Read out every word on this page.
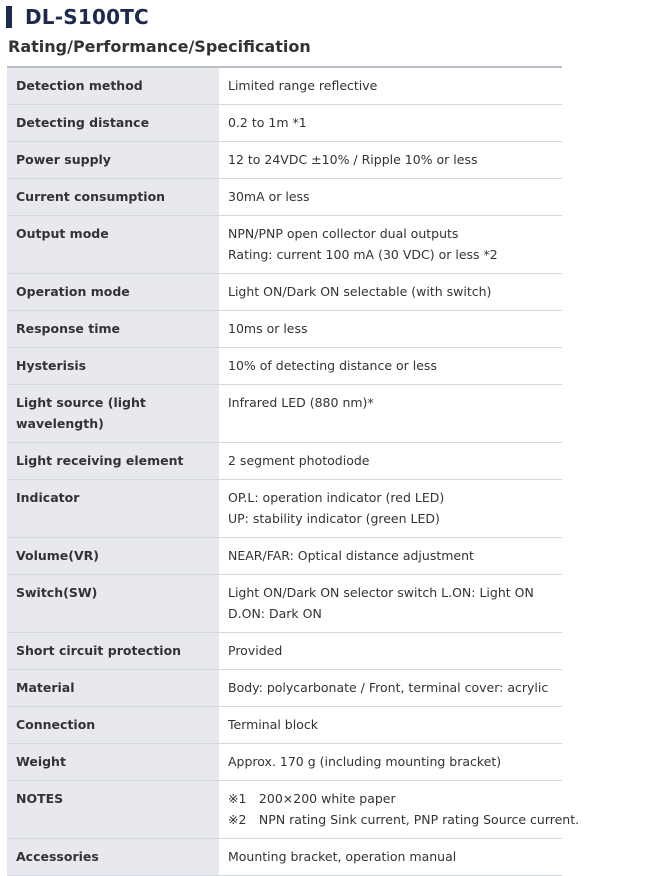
DL-S100TC
Rating/Performance/Specification
Detection method	Limited range reflective

Detecting distance	0.2 to 1m *1

Power supply	12 to 24VDC ±10% / Ripple 10% or less

Current consumption	30mA or less

Output mode	NPN/PNP open collector dual outputs
Rating: current 100 mA (30 VDC) or less *2

Operation mode	Light ON/Dark ON selectable (with switch)

Response time	10ms or less

Hysterisis	10% of detecting distance or less

Light source (light wavelength)	Infrared LED (880 nm)*

Light receiving element	2 segment photodiode

Indicator	OP.L: operation indicator (red LED)
UP: stability indicator (green LED)

Volume(VR)	NEAR/FAR: Optical distance adjustment

Switch(SW)	Light ON/Dark ON selector switch L.ON: Light ON
D.ON: Dark ON

Short circuit protection	Provided

Material	Body: polycarbonate / Front, terminal cover: acrylic

Connection	Terminal block

Weight	Approx. 170 g (including mounting bracket)

NOTES	※1　200×200 white paper
※2　NPN rating Sink current, PNP rating Source current.

Accessories	Mounting bracket, operation manual
